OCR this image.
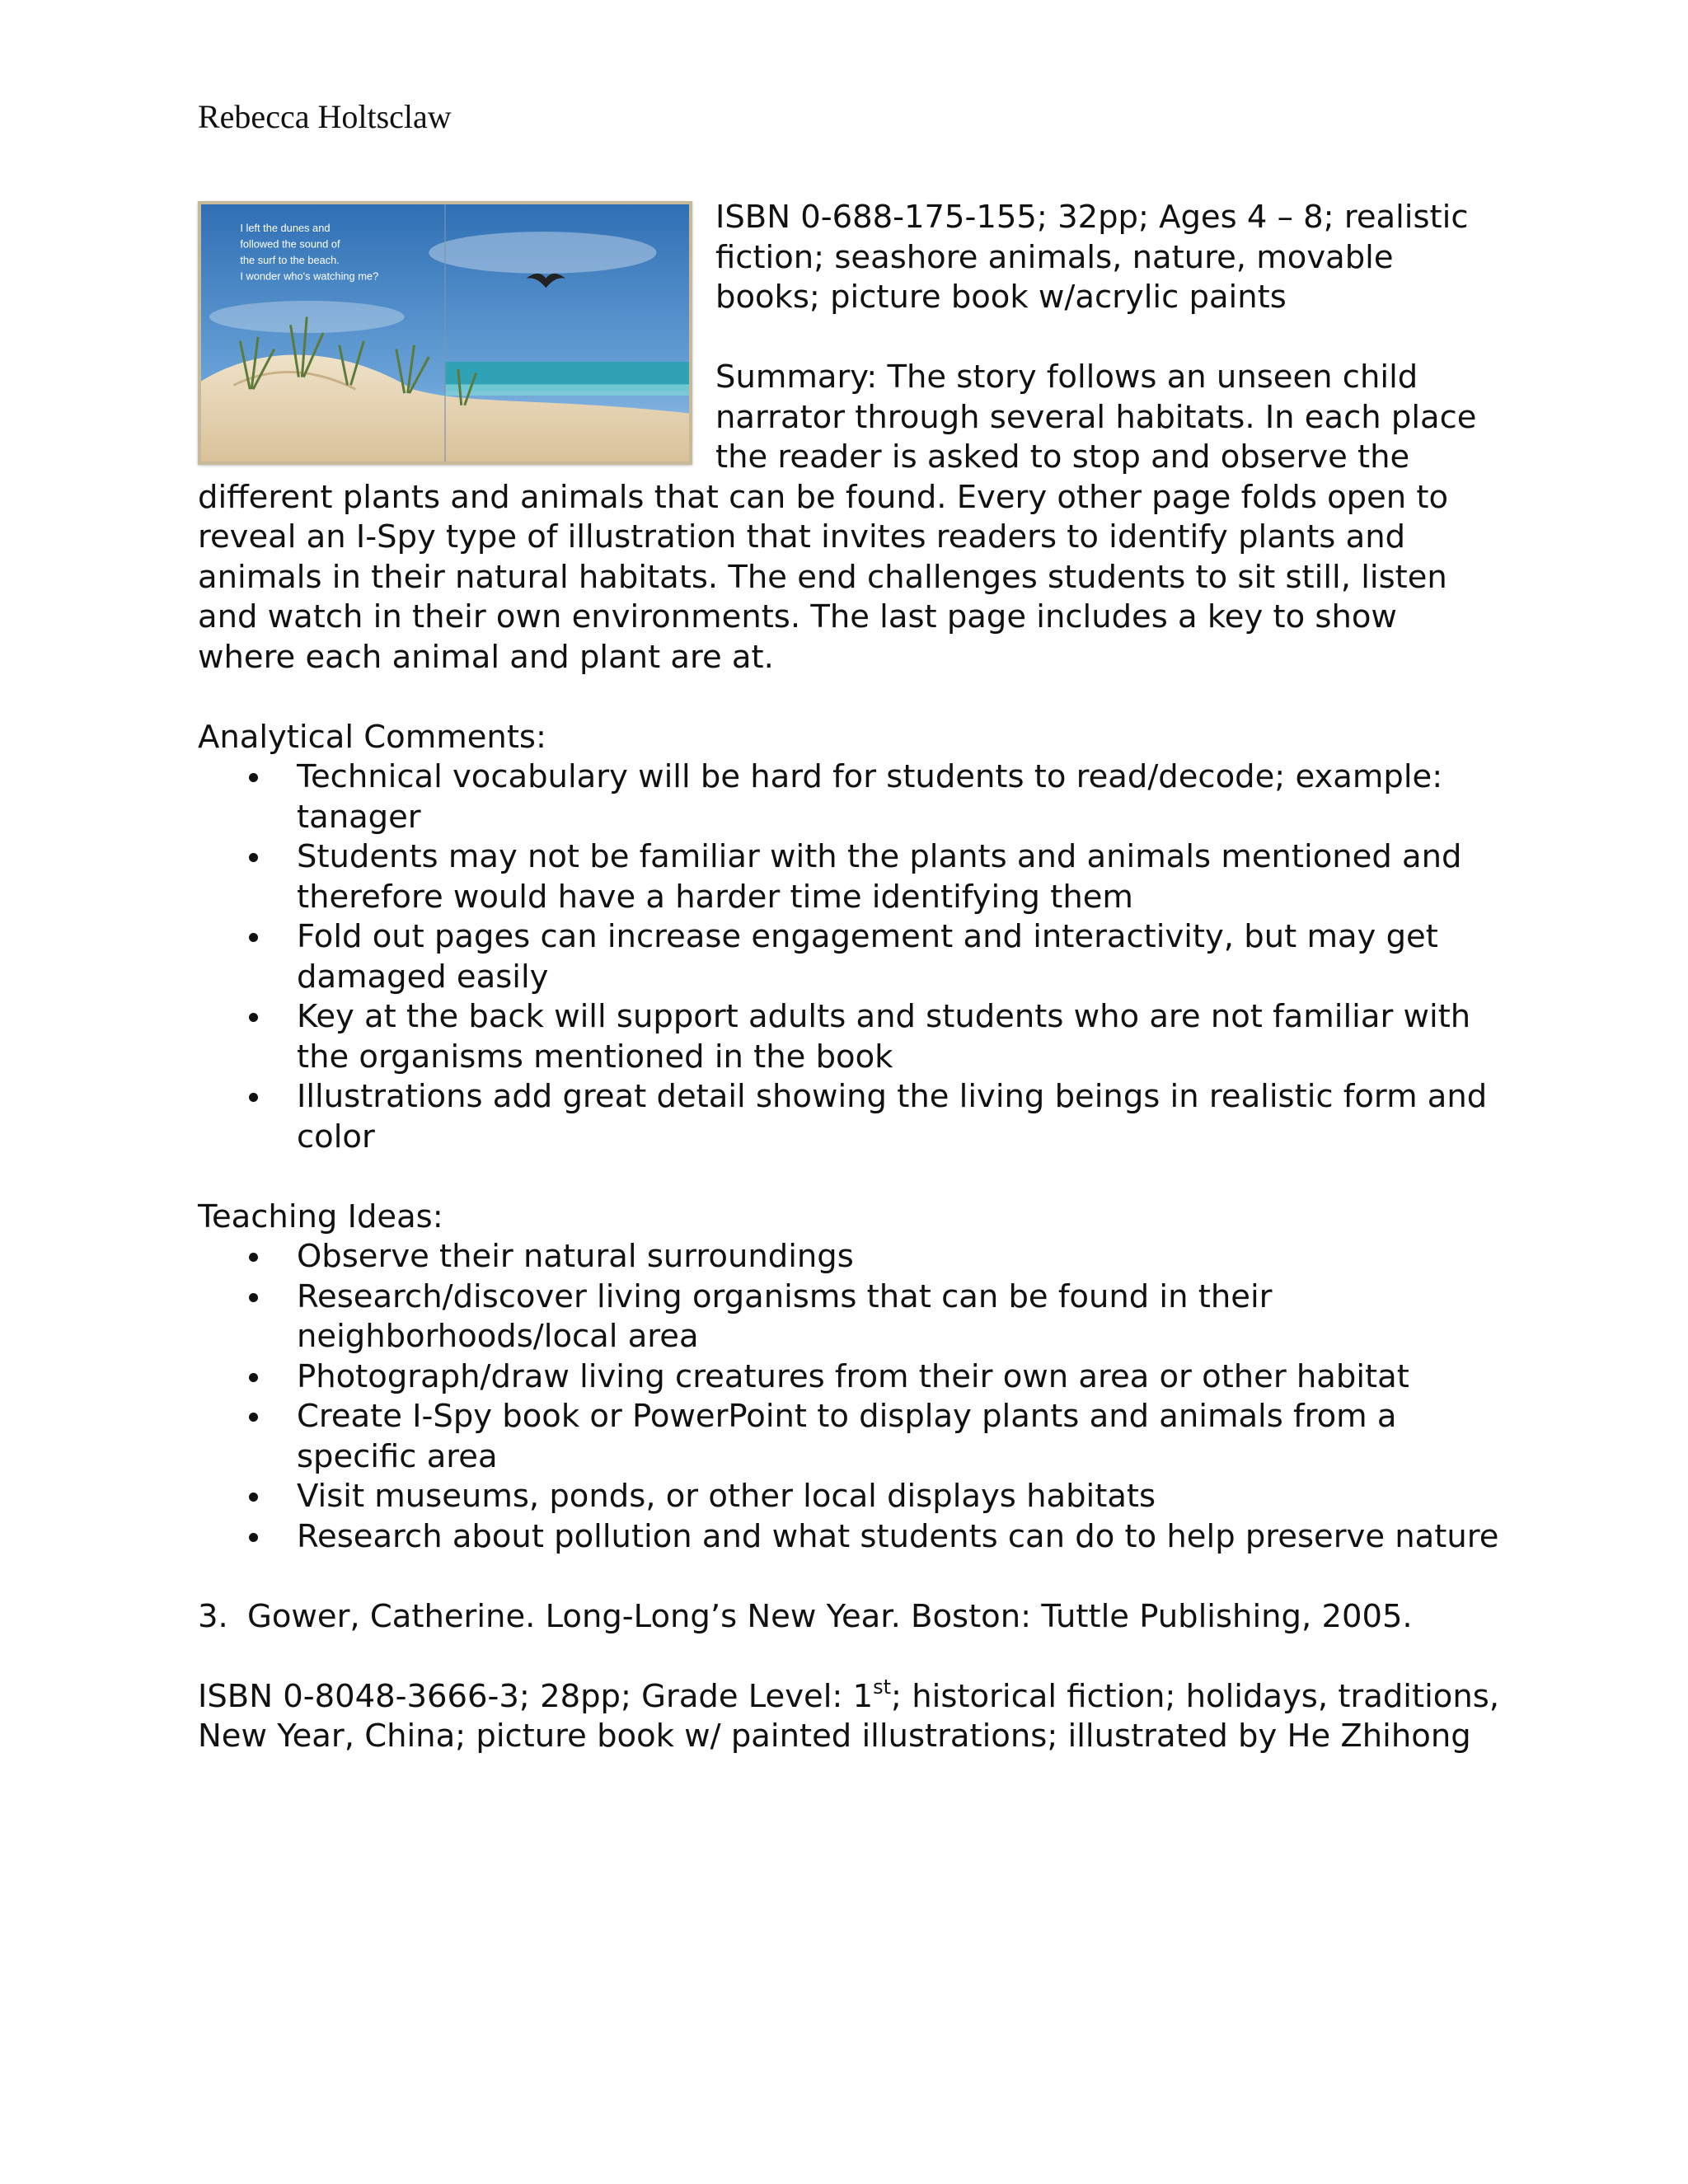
Rebecca Holtsclaw
I left the dunes and followed the sound of the surf to the beach. I wonder who's watching me?

ISBN 0-688-175-155; 32pp; Ages 4 – 8; realistic fiction; seashore animals, nature, movable books; picture book w/acrylic paints

Summary: The story follows an unseen child narrator through several habitats. In each place the reader is asked to stop and observe the different plants and animals that can be found. Every other page folds open to reveal an I-Spy type of illustration that invites readers to identify plants and animals in their natural habitats. The end challenges students to sit still, listen and watch in their own environments. The last page includes a key to show where each animal and plant are at.

Analytical Comments:

Technical vocabulary will be hard for students to read/decode; example: tanager
Students may not be familiar with the plants and animals mentioned and therefore would have a harder time identifying them
Fold out pages can increase engagement and interactivity, but may get damaged easily
Key at the back will support adults and students who are not familiar with the organisms mentioned in the book
Illustrations add great detail showing the living beings in realistic form and color

Teaching Ideas:

Observe their natural surroundings
Research/discover living organisms that can be found in their neighborhoods/local area
Photograph/draw living creatures from their own area or other habitat
Create I-Spy book or PowerPoint to display plants and animals from a specific area
Visit museums, ponds, or other local displays habitats
Research about pollution and what students can do to help preserve nature
3. Gower, Catherine. Long-Long’s New Year. Boston: Tuttle Publishing, 2005.

ISBN 0-8048-3666-3; 28pp; Grade Level: 1st; historical fiction; holidays, traditions, New Year, China; picture book w/ painted illustrations; illustrated by He Zhihong
